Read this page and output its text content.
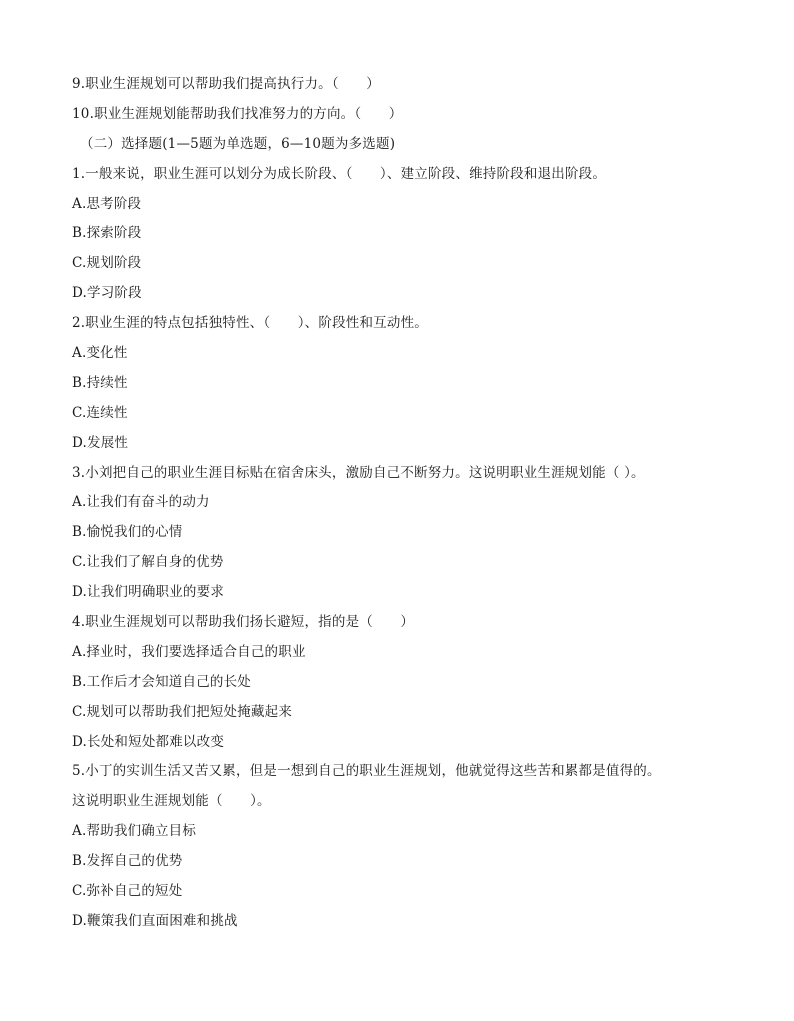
9.职业生涯规划可以帮助我们提高执行力。（　　）
10.职业生涯规划能帮助我们找准努力的方向。（　　）
（二）选择题(1—5题为单选题，6—10题为多选题)
1.一般来说，职业生涯可以划分为成长阶段、（　　）、建立阶段、维持阶段和退出阶段。
A.思考阶段
B.探索阶段
C.规划阶段
D.学习阶段
2.职业生涯的特点包括独特性、（　　）、阶段性和互动性。
A.变化性
B.持续性
C.连续性
D.发展性
3.小刘把自己的职业生涯目标贴在宿舍床头，激励自己不断努力。这说明职业生涯规划能（ ）。
A.让我们有奋斗的动力
B.愉悦我们的心情
C.让我们了解自身的优势
D.让我们明确职业的要求
4.职业生涯规划可以帮助我们扬长避短，指的是（　　）
A.择业时，我们要选择适合自己的职业
B.工作后才会知道自己的长处
C.规划可以帮助我们把短处掩藏起来
D.长处和短处都难以改变
5.小丁的实训生活又苦又累，但是一想到自己的职业生涯规划，他就觉得这些苦和累都是值得的。
这说明职业生涯规划能（　　）。
A.帮助我们确立目标
B.发挥自己的优势
C.弥补自己的短处
D.鞭策我们直面困难和挑战
